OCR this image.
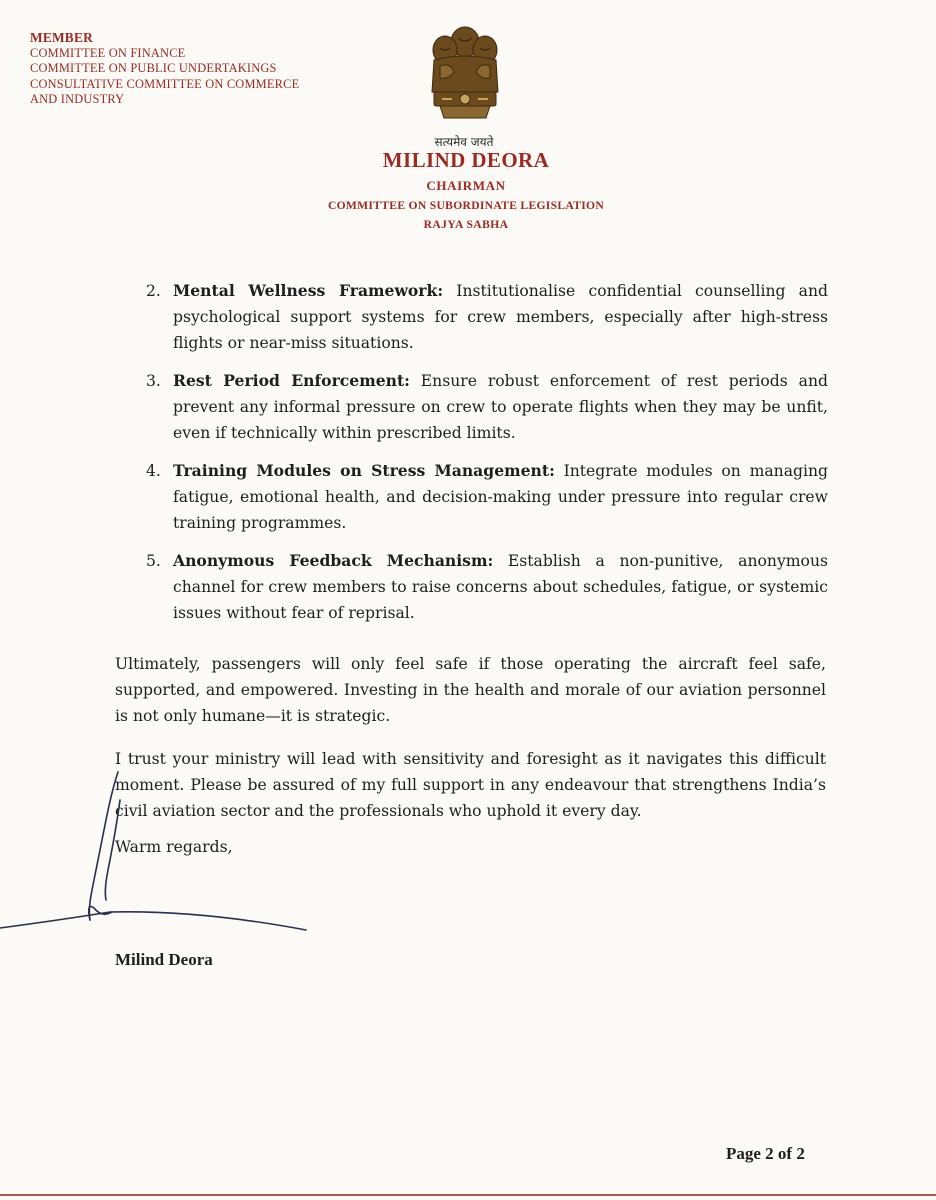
MEMBER
COMMITTEE ON FINANCE
COMMITTEE ON PUBLIC UNDERTAKINGS
CONSULTATIVE COMMITTEE ON COMMERCE
AND INDUSTRY
सत्यमेव जयते
MILIND DEORA
CHAIRMAN
COMMITTEE ON SUBORDINATE LEGISLATION
RAJYA SABHA
2. Mental Wellness Framework: Institutionalise confidential counselling and psychological support systems for crew members, especially after high-stress flights or near-miss situations.
3. Rest Period Enforcement: Ensure robust enforcement of rest periods and prevent any informal pressure on crew to operate flights when they may be unfit, even if technically within prescribed limits.
4. Training Modules on Stress Management: Integrate modules on managing fatigue, emotional health, and decision-making under pressure into regular crew training programmes.
5. Anonymous Feedback Mechanism: Establish a non-punitive, anonymous channel for crew members to raise concerns about schedules, fatigue, or systemic issues without fear of reprisal.

Ultimately, passengers will only feel safe if those operating the aircraft feel safe, supported, and empowered. Investing in the health and morale of our aviation personnel is not only humane—it is strategic.

I trust your ministry will lead with sensitivity and foresight as it navigates this difficult moment. Please be assured of my full support in any endeavour that strengthens India’s civil aviation sector and the professionals who uphold it every day.

Warm regards,
Milind Deora
Page 2 of 2
